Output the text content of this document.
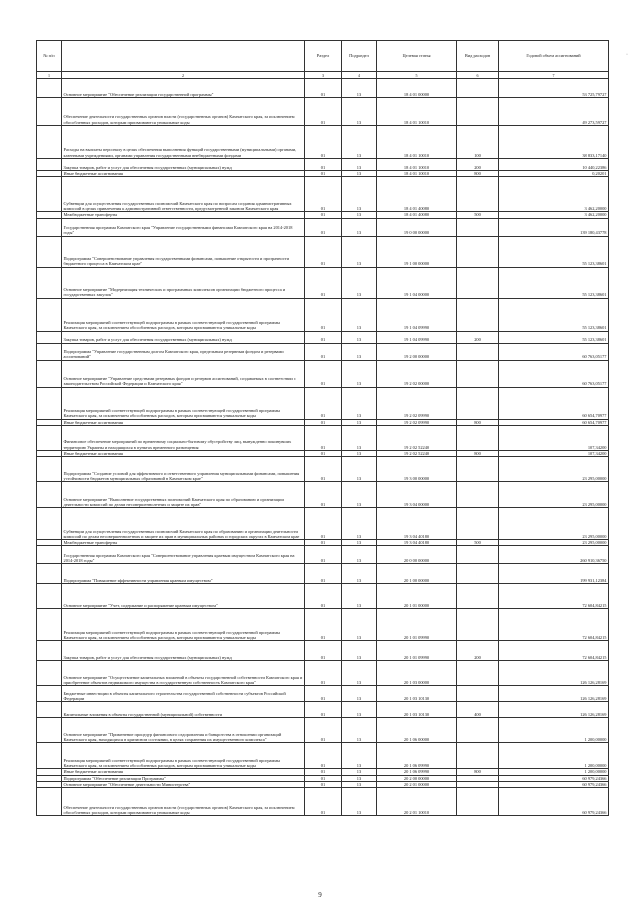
№ п/п		Раздел	Подраздел	Целевая статья	Вид расходов	Годовой объем ассигнований
1	2	3	4	5	6	7
	Основное мероприятие "Обеспечение реализации государственной программы"	01	13	18 4 01 00000		53 725,79727
	Обеспечение деятельности государственных органов власти (государственных органов) Камчатского края, за исключением обособленных расходов, которым присваиваются уникальные коды	01	13	18 4 01 10010		49 273,59727
	Расходы на выплаты персоналу в целях обеспечения выполнения функций государственными (муниципальными) органами, казенными учреждениями, органами управления государственными внебюджетными фондами	01	13	18 4 01 10010	100	38 833,17140
	Закупка товаров, работ и услуг для обеспечения государственных (муниципальных) нужд	01	13	18 4 01 10010	200	10 440,22386
	Иные бюджетные ассигнования	01	13	18 4 01 10010	800	0,20201
	Субвенции для осуществления государственных полномочий Камчатского края по вопросам создания административных комиссий в целях привлечения к административной ответственности, предусмотренной законом Камчатского края	01	13	18 4 01 40080		3 462,20000
	Межбюджетные трансферты	01	13	18 4 01 40080	500	3 462,20000
	Государственная программа Камчатского края "Управление государственными финансами Камчатского края на 2014-2018 годы"	01	13	19 0 00 00000		139 180,43778
	Подпрограмма "Совершенствование управления государственными финансами, повышение открытости и прозрачности бюджетного процесса в Камчатском крае"	01	13	19 1 00 00000		55 123,38601
	Основное мероприятие "Модернизация технических и программных комплексов организации бюджетного процесса и государственных закупок"	01	13	19 1 04 00000		55 123,38601
	Реализация мероприятий соответствующей подпрограммы в рамках соответствующей государственной программы Камчатского края, за исключением обособленных расходов, которым присваиваются уникальные коды	01	13	19 1 04 09990		55 123,38601
	Закупка товаров, работ и услуг для обеспечения государственных (муниципальных) нужд	01	13	19 1 04 09990	200	55 123,38601
	Подпрограмма "Управление государственным долгом Камчатского края, предельным резервным фондом и резервами ассигнований"	01	13	19 2 00 00000		60 763,05177
	Основное мероприятие "Управление средствами резервных фондов и резервов ассигнований, создаваемых в соответствии с законодательством Российской Федерации и Камчатского края"	01	13	19 2 02 00000		60 763,05177
	Реализация мероприятий соответствующей подпрограммы в рамках соответствующей государственной программы Камчатского края, за исключением обособленных расходов, которым присваиваются уникальные коды	01	13	19 2 02 09990		60 654,70977
	Иные бюджетные ассигнования	01	13	19 2 02 09990	800	60 654,70977
	Финансовое обеспечение мероприятий по временному социально-бытовому обустройству лиц, вынужденно покинувших территорию Украины и находящихся в пунктах временного размещения	01	13	19 2 02 52240		107,34200
	Иные бюджетные ассигнования	01	13	19 2 02 52240	800	107,34200
	Подпрограмма "Создание условий для эффективного и ответственного управления муниципальными финансами, повышения устойчивости бюджетов муниципальных образований в Камчатском крае"	01	13	19 3 00 00000		23 295,00000
	Основное мероприятие "Выполнение государственных полномочий Камчатского края по образованию и организации деятельности комиссий по делам несовершеннолетних и защите их прав"	01	13	19 3 04 00000		23 295,00000
	Субвенции для осуществления государственных полномочий Камчатского края по образованию и организации деятельности комиссий по делам несовершеннолетних и защите их прав в муниципальных районах и городских округах в Камчатском крае	01	13	19 3 04 40180		23 295,00000
	Межбюджетные трансферты	01	13	19 3 04 40180	500	23 295,00000
	Государственная программа Камчатского края "Совершенствование управления краевым имуществом Камчатского края на 2014-2018 годы"	01	13	20 0 00 00000		260 910,36750
	Подпрограмма "Повышение эффективности управления краевым имуществом"	01	13	20 1 00 00000		199 931,12384
	Основное мероприятие "Учет, содержание и распоряжение краевым имуществом"	01	13	20 1 01 00000		72 604,84215
	Реализация мероприятий соответствующей подпрограммы в рамках соответствующей государственной программы Камчатского края, за исключением обособленных расходов, которым присваиваются уникальные коды	01	13	20 1 01 09990		72 604,84215
	Закупка товаров, работ и услуг для обеспечения государственных (муниципальных) нужд	01	13	20 1 01 09990	200	72 604,84215
	Основное мероприятие "Осуществление капитальных вложений в объекты государственной собственности Камчатского края и приобретение объектов недвижимого имущества в государственную собственность Камчатского края"	01	13	20 1 03 00000		126 126,28169
	Бюджетные инвестиции в объекты капитального строительства государственной собственности субъектов Российской Федерации	01	13	20 1 03 10130		126 126,28169
	Капитальные вложения в объекты государственной (муниципальной) собственности	01	13	20 1 03 10130	400	126 126,28169
	Основное мероприятие "Применение процедур финансового оздоровления и банкротства в отношении организаций Камчатского края, находящихся в кризисном состоянии, в целях сохранения их имущественного комплекса"	01	13	20 1 06 00000		1 200,00000
	Реализация мероприятий соответствующей подпрограммы в рамках соответствующей государственной программы Камчатского края, за исключением обособленных расходов, которым присваиваются уникальные коды	01	13	20 1 06 09990		1 200,00000
	Иные бюджетные ассигнования	01	13	20 1 06 09990	800	1 200,00000
	Подпрограмма "Обеспечение реализации Программы"	01	13	20 2 00 00000		60 979,24366
	Основное мероприятие "Обеспечение деятельности Министерства"	01	13	20 2 01 00000		60 979,24366
	Обеспечение деятельности государственных органов власти (государственных органов) Камчатского края, за исключением обособленных расходов, которым присваиваются уникальные коды	01	13	20 2 01 10010		60 979,24366
·
9
